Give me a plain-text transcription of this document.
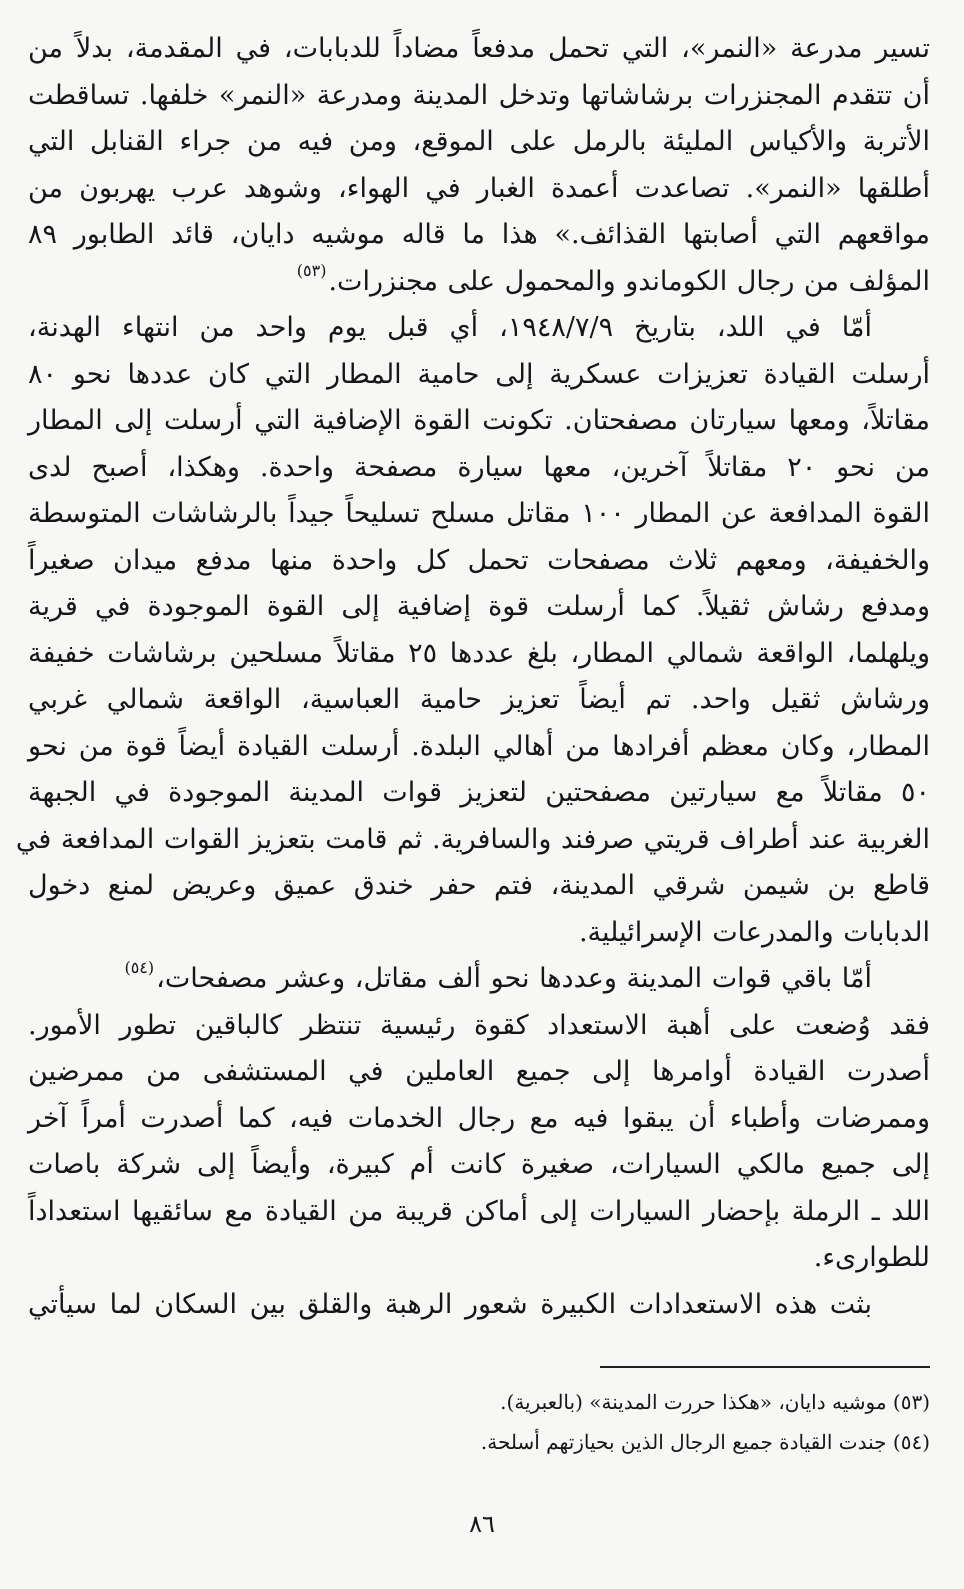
تسير مدرعة «النمر»، التي تحمل مدفعاً مضاداً للدبابات، في المقدمة، بدلاً من
أن تتقدم المجنزرات برشاشاتها وتدخل المدينة ومدرعة «النمر» خلفها. تساقطت
الأتربة والأكياس المليئة بالرمل على الموقع، ومن فيه من جراء القنابل التي
أطلقها «النمر». تصاعدت أعمدة الغبار في الهواء، وشوهد عرب يهربون من
مواقعهم التي أصابتها القذائف.» هذا ما قاله موشيه دايان، قائد الطابور ٨٩
المؤلف من رجال الكوماندو والمحمول على مجنزرات.$^{(٥٣)}$
أمّا في اللد، بتاريخ ١٩٤٨/٧/٩، أي قبل يوم واحد من انتهاء الهدنة،
أرسلت القيادة تعزيزات عسكرية إلى حامية المطار التي كان عددها نحو ٨٠
مقاتلاً، ومعها سيارتان مصفحتان. تكونت القوة الإضافية التي أرسلت إلى المطار
من نحو ٢٠ مقاتلاً آخرين، معها سيارة مصفحة واحدة. وهكذا، أصبح لدى
القوة المدافعة عن المطار ١٠٠ مقاتل مسلح تسليحاً جيداً بالرشاشات المتوسطة
والخفيفة، ومعهم ثلاث مصفحات تحمل كل واحدة منها مدفع ميدان صغيراً
ومدفع رشاش ثقيلاً. كما أرسلت قوة إضافية إلى القوة الموجودة في قرية
ويلهلما، الواقعة شمالي المطار، بلغ عددها ٢٥ مقاتلاً مسلحين برشاشات خفيفة
ورشاش ثقيل واحد. تم أيضاً تعزيز حامية العباسية، الواقعة شمالي غربي
المطار، وكان معظم أفرادها من أهالي البلدة. أرسلت القيادة أيضاً قوة من نحو
٥٠ مقاتلاً مع سيارتين مصفحتين لتعزيز قوات المدينة الموجودة في الجبهة
الغربية عند أطراف قريتي صرفند والسافرية. ثم قامت بتعزيز القوات المدافعة في
قاطع بن شيمن شرقي المدينة، فتم حفر خندق عميق وعريض لمنع دخول
الدبابات والمدرعات الإسرائيلية.
أمّا باقي قوات المدينة وعددها نحو ألف مقاتل، وعشر مصفحات،$^{(٥٤)}$
فقد وُضعت على أهبة الاستعداد كقوة رئيسية تنتظر كالباقين تطور الأمور.
أصدرت القيادة أوامرها إلى جميع العاملين في المستشفى من ممرضين
وممرضات وأطباء أن يبقوا فيه مع رجال الخدمات فيه، كما أصدرت أمراً آخر
إلى جميع مالكي السيارات، صغيرة كانت أم كبيرة، وأيضاً إلى شركة باصات
اللد ـ الرملة بإحضار السيارات إلى أماكن قريبة من القيادة مع سائقيها استعداداً
للطوارىء.
بثت هذه الاستعدادات الكبيرة شعور الرهبة والقلق بين السكان لما سيأتي
(٥٣) موشيه دايان، «هكذا حررت المدينة» (بالعبرية).
(٥٤) جندت القيادة جميع الرجال الذين بحيازتهم أسلحة.
٨٦
